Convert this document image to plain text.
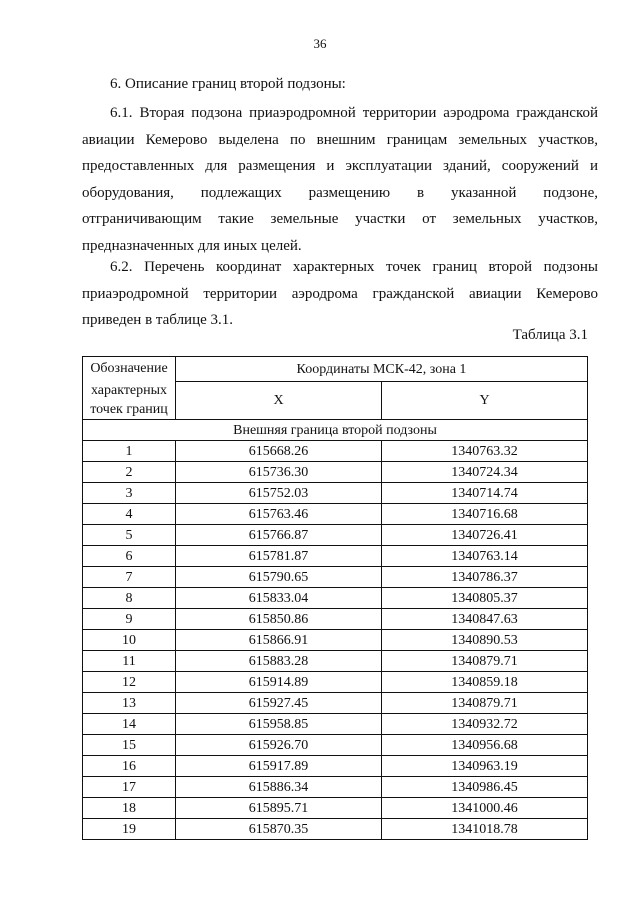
36
6. Описание границ второй подзоны:
6.1. Вторая подзона приаэродромной территории аэродрома гражданской авиации Кемерово выделена по внешним границам земельных участков, предоставленных для размещения и эксплуатации зданий, сооружений и оборудования, подлежащих размещению в указанной подзоне, отграничивающим такие земельные участки от земельных участков, предназначенных для иных целей.
6.2. Перечень координат характерных точек границ второй подзоны приаэродромной территории аэродрома гражданской авиации Кемерово приведен в таблице 3.1.
Таблица 3.1
Обозначение
характерных точек границ	Координаты МСК-42, зона 1	
	X	Y
Внешняя граница второй подзоны		
1	615668.26	1340763.32
2	615736.30	1340724.34
3	615752.03	1340714.74
4	615763.46	1340716.68
5	615766.87	1340726.41
6	615781.87	1340763.14
7	615790.65	1340786.37
8	615833.04	1340805.37
9	615850.86	1340847.63
10	615866.91	1340890.53
11	615883.28	1340879.71
12	615914.89	1340859.18
13	615927.45	1340879.71
14	615958.85	1340932.72
15	615926.70	1340956.68
16	615917.89	1340963.19
17	615886.34	1340986.45
18	615895.71	1341000.46
19	615870.35	1341018.78
